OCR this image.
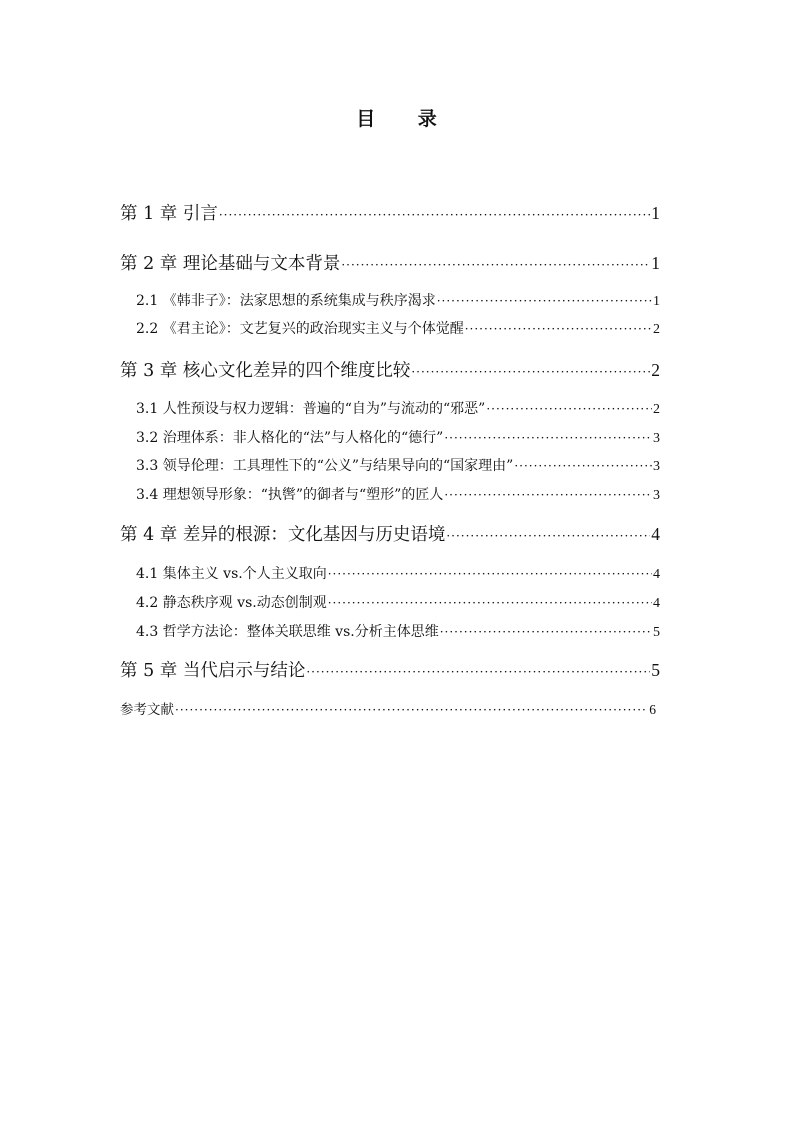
目 录
第 1 章 引言 ·····	1
第 2 章 理论基础与文本背景 ·····	1
2.1 《韩非子》：法家思想的系统集成与秩序渴求 ·····	1
2.2 《君主论》：文艺复兴的政治现实主义与个体觉醒 ·····	2
第 3 章 核心文化差异的四个维度比较 ·····	2
3.1 人性预设与权力逻辑：普遍的“自为”与流动的“邪恶” ·····	2
3.2 治理体系：非人格化的“法”与人格化的“德行” ·····	3
3.3 领导伦理：工具理性下的“公义”与结果导向的“国家理由” ·····	3
3.4 理想领导形象：“执辔”的御者与“塑形”的匠人 ·····	3
第 4 章 差异的根源：文化基因与历史语境 ·····	4
4.1 集体主义 vs.个人主义取向 ·····	4
4.2 静态秩序观 vs.动态创制观 ·····	4
4.3 哲学方法论：整体关联思维 vs.分析主体思维 ·····	5
第 5 章 当代启示与结论 ·····	5
参考文献 ·····	6
